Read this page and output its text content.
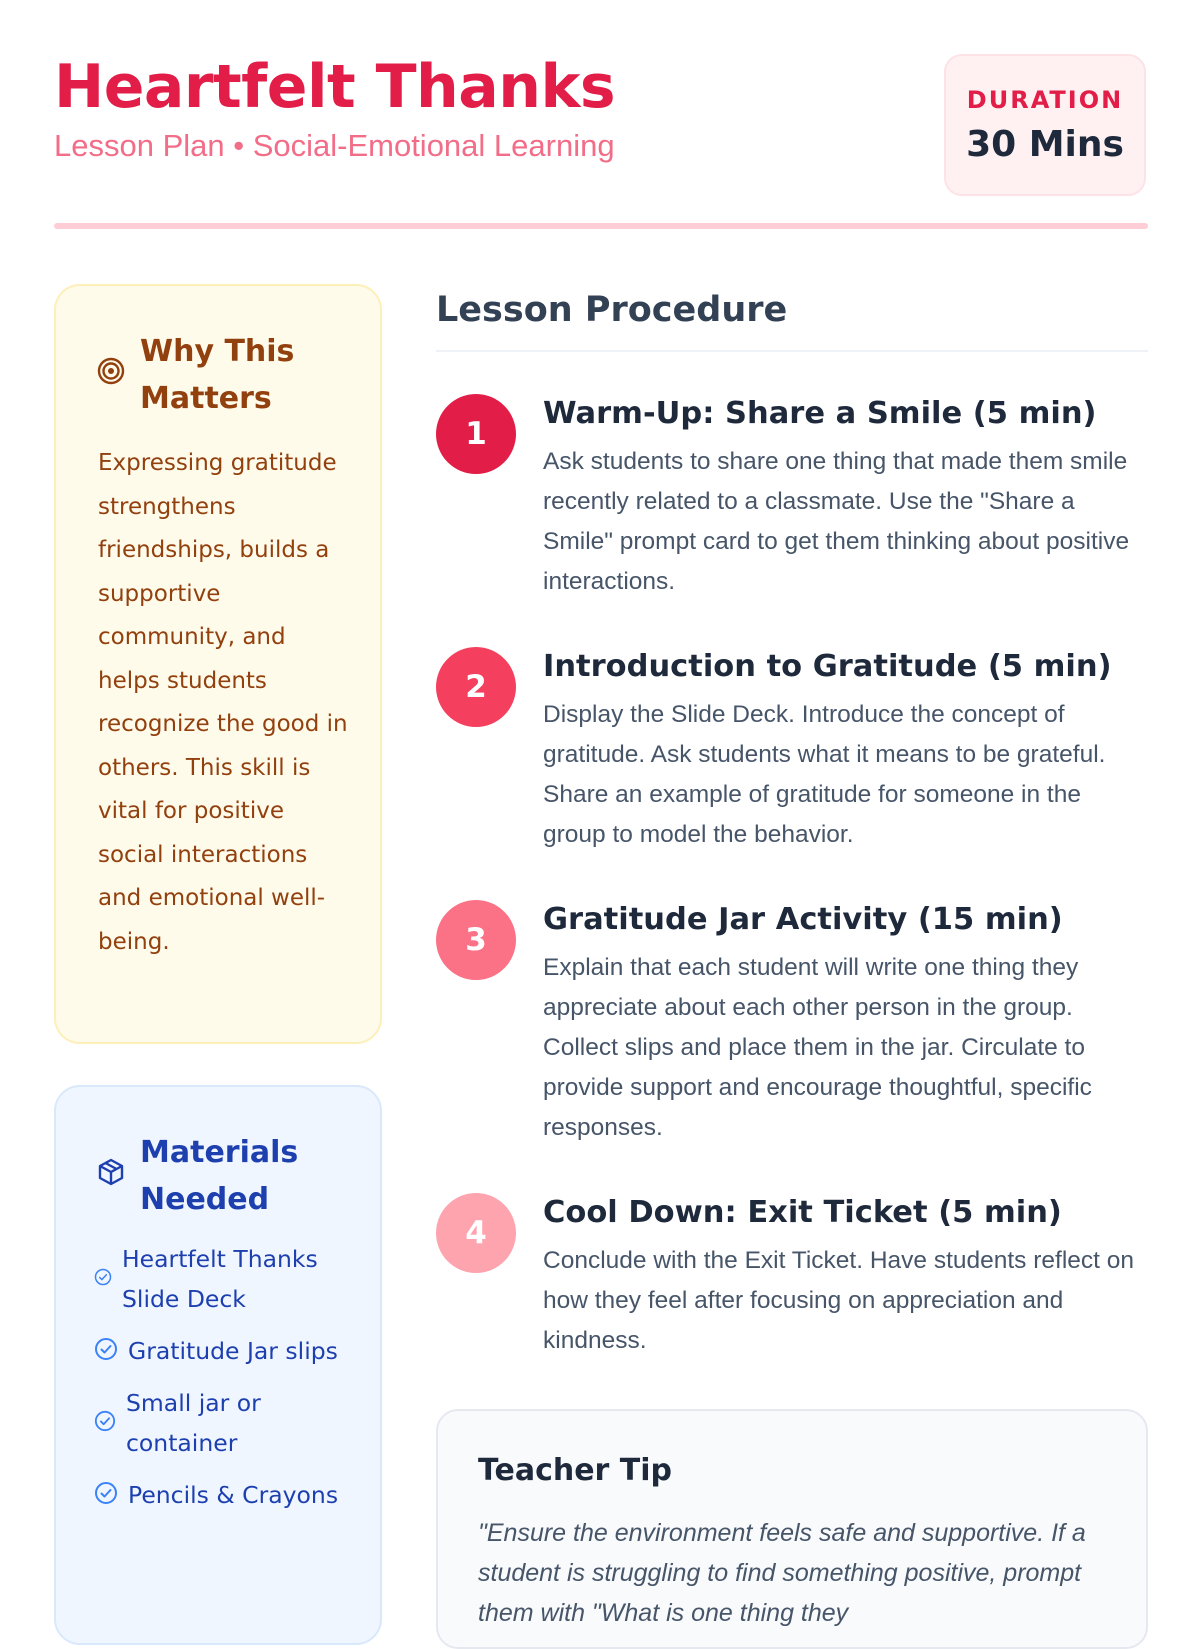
Heartfelt Thanks
Lesson Plan • Social-Emotional Learning
DURATION
30 Mins
Why This Matters
Expressing gratitude strengthens friendships, builds a supportive community, and helps students recognize the good in others. This skill is vital for positive social interactions and emotional well-being.
Materials Needed
Heartfelt Thanks Slide Deck
Gratitude Jar slips
Small jar or container
Pencils & Crayons
Lesson Procedure
1
Warm-Up: Share a Smile (5 min)
Ask students to share one thing that made them smile recently related to a classmate. Use the "Share a Smile" prompt card to get them thinking about positive interactions.
2
Introduction to Gratitude (5 min)
Display the Slide Deck. Introduce the concept of gratitude. Ask students what it means to be grateful. Share an example of gratitude for someone in the group to model the behavior.
3
Gratitude Jar Activity (15 min)
Explain that each student will write one thing they appreciate about each other person in the group. Collect slips and place them in the jar. Circulate to provide support and encourage thoughtful, specific responses.
4
Cool Down: Exit Ticket (5 min)
Conclude with the Exit Ticket. Have students reflect on how they feel after focusing on appreciation and kindness.
Teacher Tip
"Ensure the environment feels safe and supportive. If a student is struggling to find something positive, prompt them with "What is one thing they
